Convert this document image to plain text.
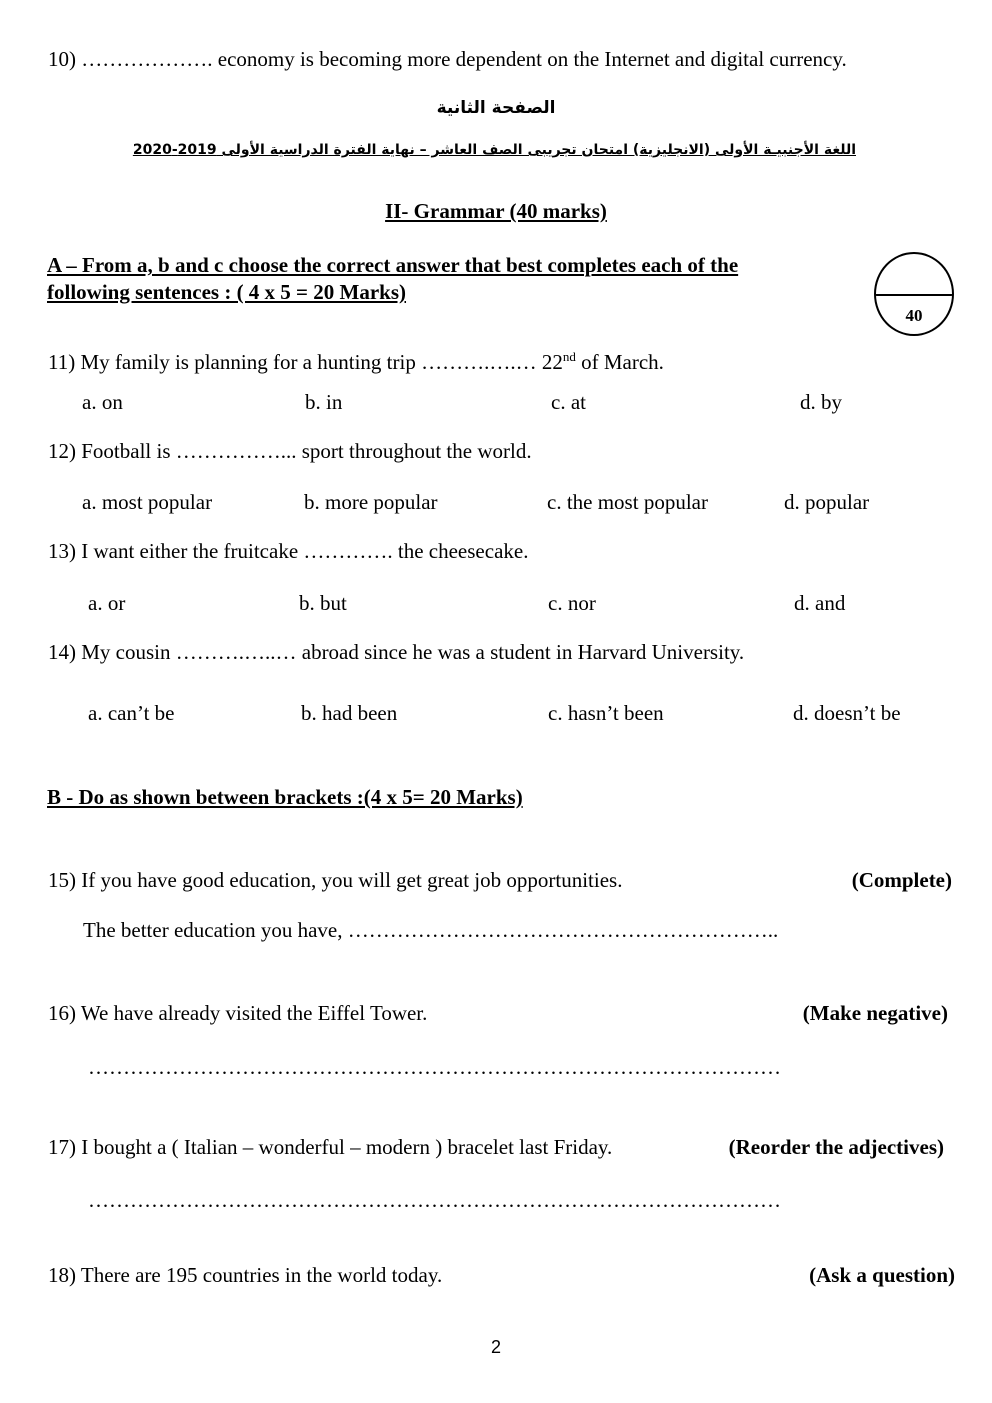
10) ………………. economy is becoming more dependent on the Internet and digital currency.
الصفحة الثانية
اللغة الأجنبيـة الأولى (الانجليزية) امتحان تجريبى الصف العاشر – نهاية الفترة الدراسية الأولى 2019-2020
II- Grammar (40 marks)
A – From a, b and c choose the correct answer that best completes each of the
following sentences : ( 4 x 5 = 20 Marks)
40
11) My family is planning for a hunting trip ……….….… 22nd of March.
a. on	b. in	c. at	d. by
12) Football is ……………... sport throughout the world.
a. most popular	b. more popular	c. the most popular	d. popular
13) I want either the fruitcake …………. the cheesecake.
a. or	b. but	c. nor	d. and
14) My cousin ……….…..… abroad since he was a student in Harvard University.
a. can’t be	b. had been	c. hasn’t been	d. doesn’t be
B - Do as shown between brackets :(4 x 5= 20 Marks)
15) If you have good education, you will get great job opportunities.	(Complete)
The better education you have, ……………………………………………………..
16) We have already visited the Eiffel Tower.	(Make negative)
………………………………………………………………………………………
17) I bought a ( Italian – wonderful – modern ) bracelet last Friday.	(Reorder the adjectives)
………………………………………………………………………………………
18) There are 195 countries in the world today.	(Ask a question)
2
